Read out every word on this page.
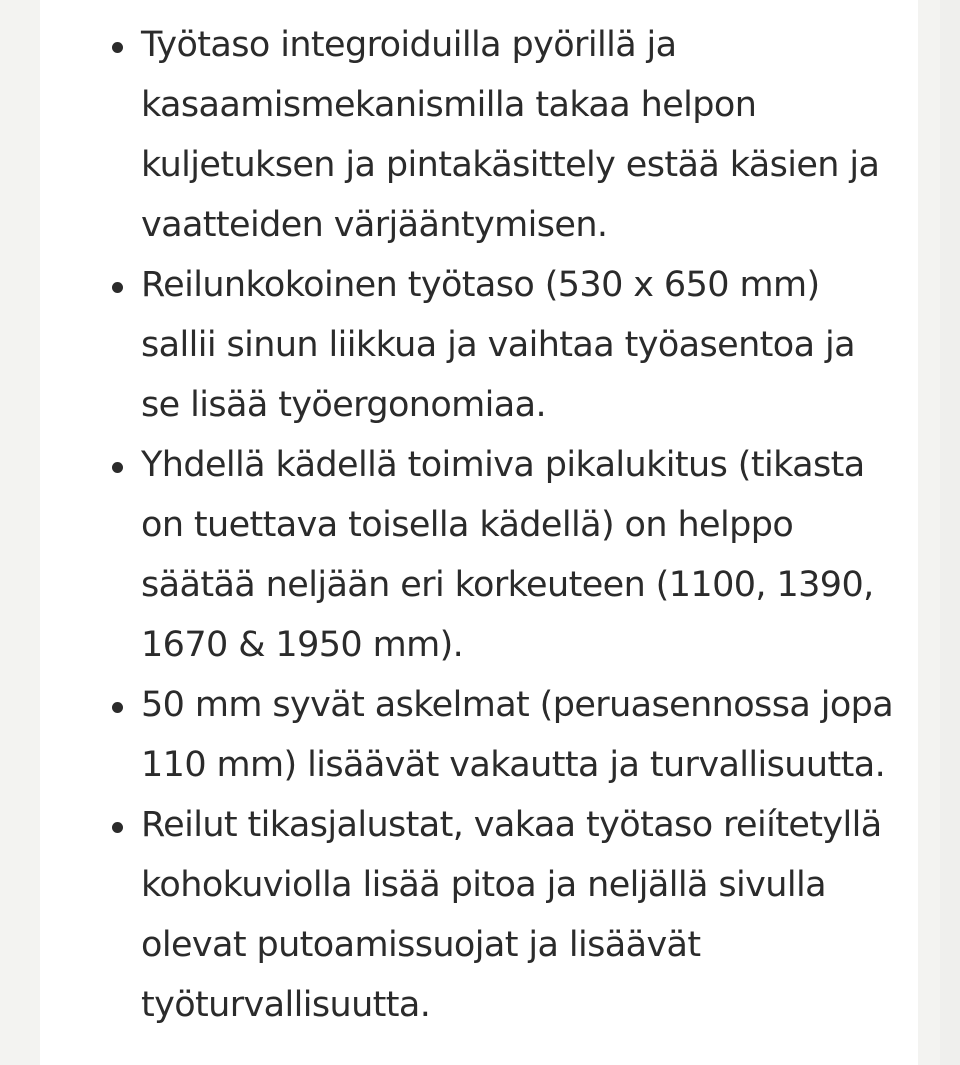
Työtaso integroiduilla pyörillä ja
kasaamismekanismilla takaa helpon
kuljetuksen ja pintakäsittely estää käsien ja
vaatteiden värjääntymisen.
Reilunkokoinen työtaso (530 x 650 mm)
sallii sinun liikkua ja vaihtaa työasentoa ja
se lisää työergonomiaa.
Yhdellä kädellä toimiva pikalukitus (tikasta
on tuettava toisella kädellä) on helppo
säätää neljään eri korkeuteen (1100, 1390,
1670 & 1950 mm).
50 mm syvät askelmat (peruasennossa jopa
110 mm) lisäävät vakautta ja turvallisuutta.
Reilut tikasjalustat, vakaa työtaso reiítetyllä
kohokuviolla lisää pitoa ja neljällä sivulla
olevat putoamissuojat ja lisäävät
työturvallisuutta.
